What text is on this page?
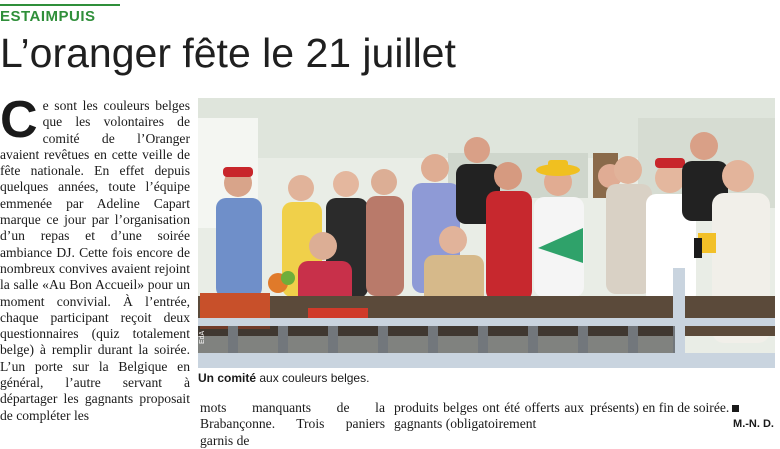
ESTAIMPUIS
L’oranger fête le 21 juillet
C e sont les couleurs belges que les volontaires de comité de l’Oranger avaient revêtues en cette veille de fête nationale. En effet depuis quelques années, toute l’équipe emmenée par Adeline Capart marque ce jour par l’organisation d’un repas et d’une soirée ambiance DJ. Cette fois encore de nombreux convives avaient rejoint la salle «Au Bon Accueil» pour un moment convivial. À l’entrée, chaque participant reçoit deux questionnaires (quiz totalement belge) à remplir durant la soirée. L’un porte sur la Belgique en général, l’autre servant à départager les gagnants proposait de compléter les
EdA
Un comité aux couleurs belges.
mots manquants de la Brabançonne. Trois paniers garnis de
produits belges ont été offerts aux gagnants (obligatoirement
présents) en fin de soirée.
M.-N. D.
